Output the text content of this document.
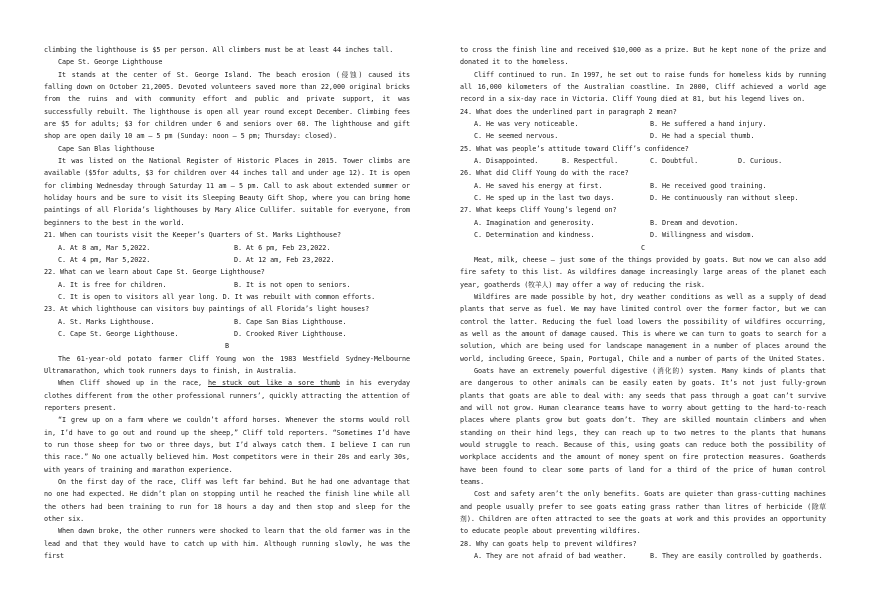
climbing the lighthouse is $5 per person. All climbers must be at least 44 inches tall.

Cape St. George Lighthouse

It stands at the center of St. George Island. The beach erosion (侵蚀) caused its falling down on October 21,2005. Devoted volunteers saved more than 22,000 original bricks from the ruins and with community effort and public and private support, it was successfully rebuilt. The lighthouse is open all year round except December. Climbing fees are $5 for adults; $3 for children under 6 and seniors over 60. The lighthouse and gift shop are open daily 10 am — 5 pm (Sunday: noon — 5 pm; Thursday: closed).

Cape San Blas lighthouse

It was listed on the National Register of Historic Places in 2015. Tower climbs are available ($5for adults, $3 for children over 44 inches tall and under age 12). It is open for climbing Wednesday through Saturday 11 am — 5 pm. Call to ask about extended summer or holiday hours and be sure to visit its Sleeping Beauty Gift Shop, where you can bring home paintings of all Florida’s lighthouses by Mary Alice Cullifer. suitable for everyone, from beginners to the best in the world.

21. When can tourists visit the Keeper’s Quarters of St. Marks Lighthouse?

A. At 8 am, Mar 5,2022.	B. At 6 pm, Feb 23,2022.
C. At 4 pm, Mar 5,2022.	D. At 12 am, Feb 23,2022.

22. What can we learn about Cape St. George Lighthouse?

A. It is free for children.	B. It is not open to seniors.
C. It is open to visitors all year long. D. It was rebuilt with common efforts.

23. At which lighthouse can visitors buy paintings of all Florida’s light houses?

A. St. Marks Lighthouse.	B. Cape San Bias Lighthouse.
C. Cape St. George Lighthouse.	D. Crooked River Lighthouse.

B

The 61-year-old potato farmer Cliff Young won the 1983 Westfield Sydney-Melbourne Ultramarathon, which took runners days to finish, in Australia.

When Cliff showed up in the race, he stuck out like a sore thumb in his everyday clothes different from the other professional runners’, quickly attracting the attention of reporters present.

“I grew up on a farm where we couldn’t afford horses. Whenever the storms would roll in, I’d have to go out and round up the sheep,” Cliff told reporters. “Sometimes I’d have to run those sheep for two or three days, but I’d always catch them. I believe I can run this race.” No one actually believed him. Most competitors were in their 20s and early 30s, with years of training and marathon experience.

On the first day of the race, Cliff was left far behind. But he had one advantage that no one had expected. He didn’t plan on stopping until he reached the finish line while all the others had been training to run for 18 hours a day and then stop and sleep for the other six.

When dawn broke, the other runners were shocked to learn that the old farmer was in the lead and that they would have to catch up with him. Although running slowly, he was the first

to cross the finish line and received $10,000 as a prize. But he kept none of the prize and donated it to the homeless.

Cliff continued to run. In 1997, he set out to raise funds for homeless kids by running all 16,000 kilometers of the Australian coastline. In 2000, Cliff achieved a world age record in a six-day race in Victoria. Cliff Young died at 81, but his legend lives on.

24. What does the underlined part in paragraph 2 mean?

A. He was very noticeable.	B. He suffered a hand injury.
C. He seemed nervous.	D. He had a special thumb.

25. What was people’s attitude toward Cliff’s confidence?

A. Disappointed.	B. Respectful.	C. Doubtful.	D. Curious.

26. What did Cliff Young do with the race?

A. He saved his energy at first.	B. He received good training.
C. He sped up in the last two days.	D. He continuously ran without sleep.

27. What keeps Cliff Young’s legend on?

A. Imagination and generosity.	B. Dream and devotion.
C. Determination and kindness.	D. Willingness and wisdom.

C

Meat, milk, cheese — just some of the things provided by goats. But now we can also add fire safety to this list. As wildfires damage increasingly large areas of the planet each year, goatherds (牧羊人) may offer a way of reducing the risk.

Wildfires are made possible by hot, dry weather conditions as well as a supply of dead plants that serve as fuel. We may have limited control over the former factor, but we can control the latter. Reducing the fuel load lowers the possibility of wildfires occurring, as well as the amount of damage caused. This is where we can turn to goats to search for a solution, which are being used for landscape management in a number of places around the world, including Greece, Spain, Portugal, Chile and a number of parts of the United States.

Goats have an extremely powerful digestive (消化的) system. Many kinds of plants that are dangerous to other animals can be easily eaten by goats. It’s not just fully-grown plants that goats are able to deal with: any seeds that pass through a goat can’t survive and will not grow. Human clearance teams have to worry about getting to the hard-to-reach places where plants grow but goats don’t. They are skilled mountain climbers and when standing on their hind legs, they can reach up to two metres to the plants that humans would struggle to reach. Because of this, using goats can reduce both the possibility of workplace accidents and the amount of money spent on fire protection measures. Goatherds have been found to clear some parts of land for a third of the price of human control teams.

Cost and safety aren’t the only benefits. Goats are quieter than grass-cutting machines and people usually prefer to see goats eating grass rather than litres of herbicide (除草剂). Children are often attracted to see the goats at work and this provides an opportunity to educate people about preventing wildfires.

28. Why can goats help to prevent wildfires?

A. They are not afraid of bad weather.	B. They are easily controlled by goatherds.
